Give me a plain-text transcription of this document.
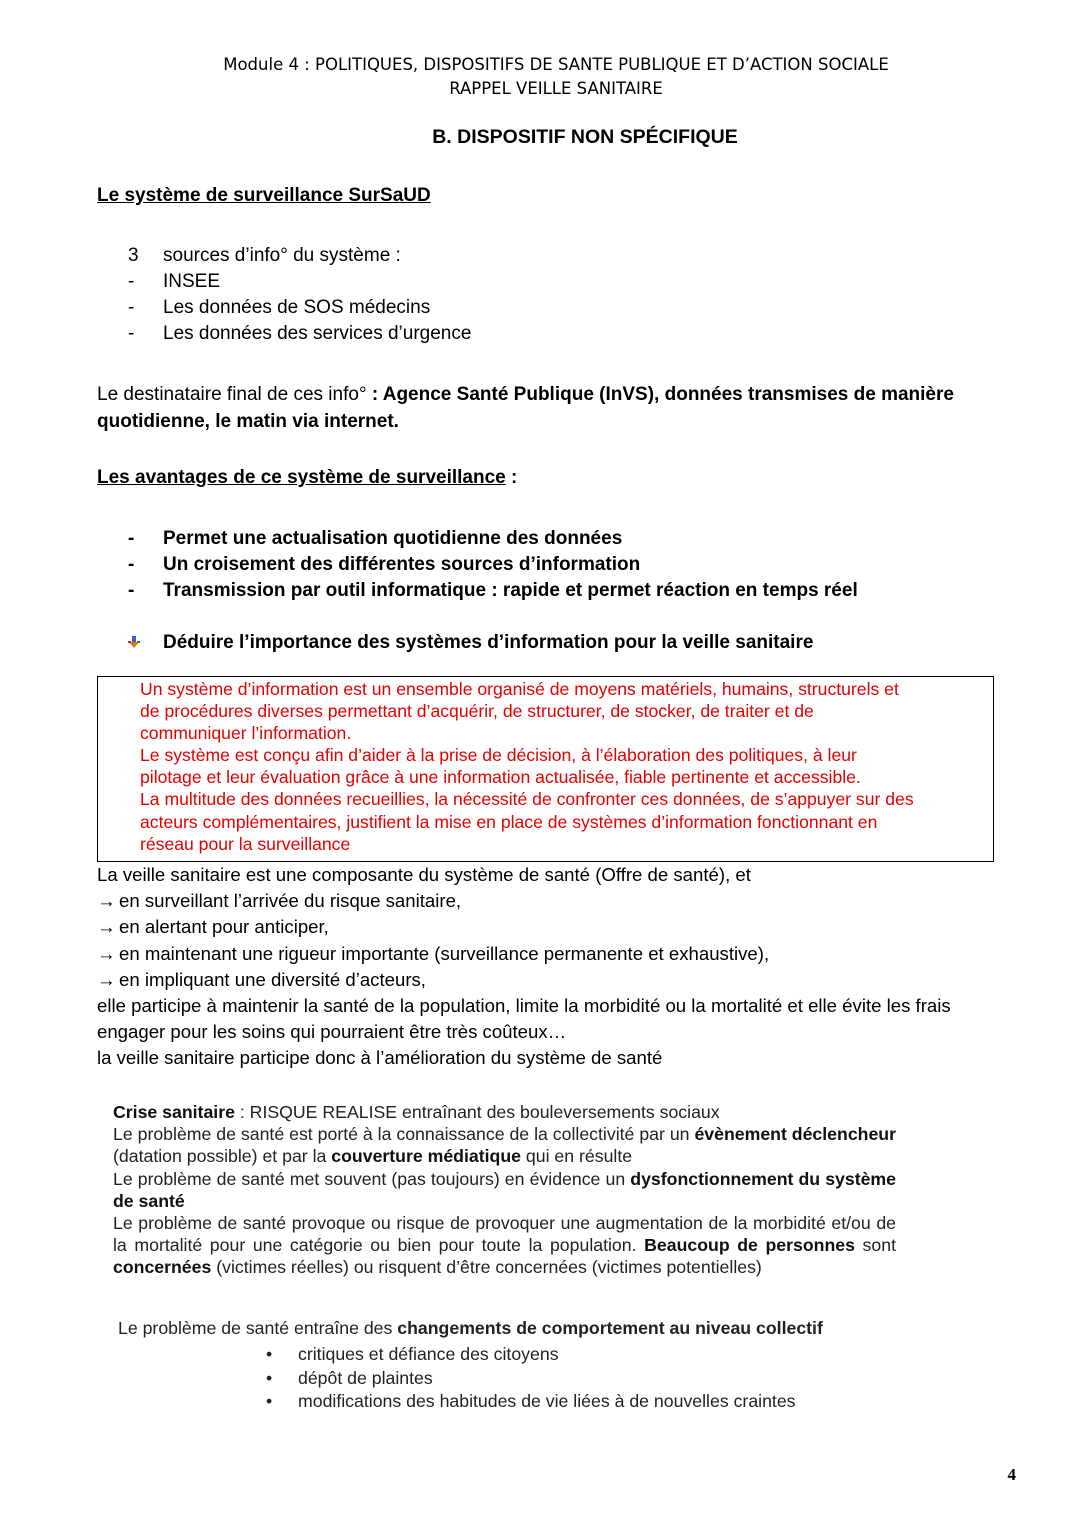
Module 4 : POLITIQUES, DISPOSITIFS DE SANTE PUBLIQUE ET D’ACTION SOCIALE
RAPPEL VEILLE SANITAIRE
B. DISPOSITIF NON SPÉCIFIQUE
Le système de surveillance SurSaUD
3 sources d’info° du système :
- INSEE
- Les données de SOS médecins
- Les données des services d’urgence
Le destinataire final de ces info° : Agence Santé Publique (InVS), données transmises de manière
quotidienne, le matin via internet.
Les avantages de ce système de surveillance :
- Permet une actualisation quotidienne des données
- Un croisement des différentes sources d’information
- Transmission par outil informatique : rapide et permet réaction en temps réel
Déduire l’importance des systèmes d’information pour la veille sanitaire
Un système d’information est un ensemble organisé de moyens matériels, humains, structurels et
de procédures diverses permettant d’acquérir, de structurer, de stocker, de traiter et de
communiquer l’information.
Le système est conçu afin d’aider à la prise de décision, à l’élaboration des politiques, à leur
pilotage et leur évaluation grâce à une information actualisée, fiable pertinente et accessible.
La multitude des données recueillies, la nécessité de confronter ces données, de s’appuyer sur des
acteurs complémentaires, justifient la mise en place de systèmes d’information fonctionnant en
réseau pour la surveillance
La veille sanitaire est une composante du système de santé (Offre de santé), et
→ en surveillant l’arrivée du risque sanitaire,
→ en alertant pour anticiper,
→ en maintenant une rigueur importante (surveillance permanente et exhaustive),
→ en impliquant une diversité d’acteurs,
elle participe à maintenir la santé de la population, limite la morbidité ou la mortalité et elle évite les frais
engager pour les soins qui pourraient être très coûteux…
la veille sanitaire participe donc à l’amélioration du système de santé
Crise sanitaire : RISQUE REALISE entraînant des bouleversements sociaux
Le problème de santé est porté à la connaissance de la collectivité par un évènement déclencheur (datation possible) et par la couverture médiatique qui en résulte
Le problème de santé met souvent (pas toujours) en évidence un dysfonctionnement du système de santé
Le problème de santé provoque ou risque de provoquer une augmentation de la morbidité et/ou de la mortalité pour une catégorie ou bien pour toute la population. Beaucoup de personnes sont concernées (victimes réelles) ou risquent d’être concernées (victimes potentielles)
Le problème de santé entraîne des changements de comportement au niveau collectif
• critiques et défiance des citoyens
• dépôt de plaintes
• modifications des habitudes de vie liées à de nouvelles craintes
4
